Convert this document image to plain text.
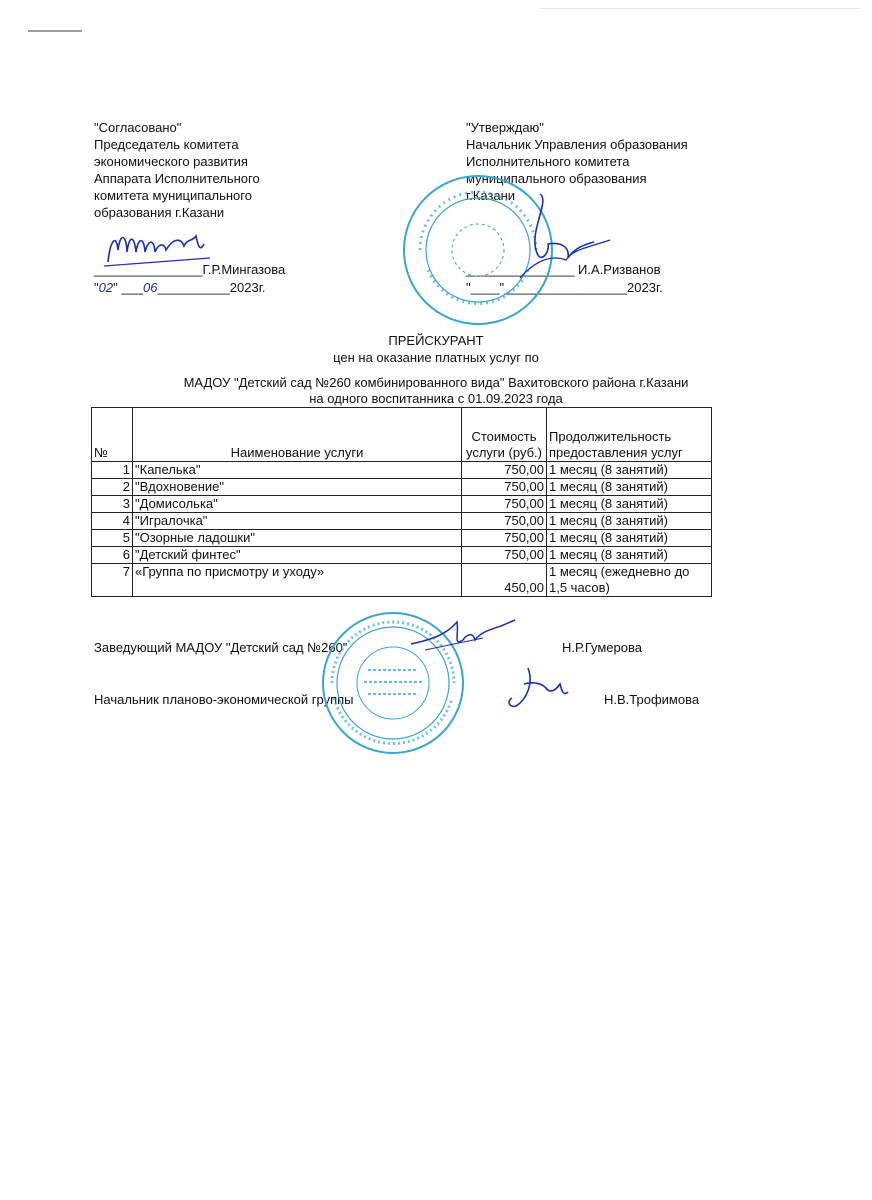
"Согласовано"
Председатель комитета
экономического развития
Аппарата Исполнительного
комитета муниципального
образования г.Казани
_______________Г.Р.Мингазова
"02" ___06__________2023г.
"Утверждаю"
Начальник Управления образования
Исполнительного комитета
муниципального образования
г.Казани
_______________ И.А.Ризванов
"____"_________________2023г.
ПРЕЙСКУРАНТ
цен на оказание платных услуг по
МАДОУ "Детский сад №260 комбинированного вида" Вахитовского района г.Казани
на одного воспитанника с 01.09.2023 года
№	Наименование услуги	Стоимость услуги (руб.)	Продолжительность предоставления услуг
1	"Капелька"	750,00	1 месяц (8 занятий)
2	"Вдохновение"	750,00	1 месяц (8 занятий)
3	"Домисолька"	750,00	1 месяц (8 занятий)
4	"Игралочка"	750,00	1 месяц (8 занятий)
5	"Озорные ладошки"	750,00	1 месяц (8 занятий)
6	"Детский финтес"	750,00	1 месяц (8 занятий)
7	«Группа по присмотру и уходу»	450,00	1 месяц (ежедневно до 1,5 часов)
Заведующий МАДОУ "Детский сад №260"	Н.Р.Гумерова
Начальник планово-экономической группы	Н.В.Трофимова
